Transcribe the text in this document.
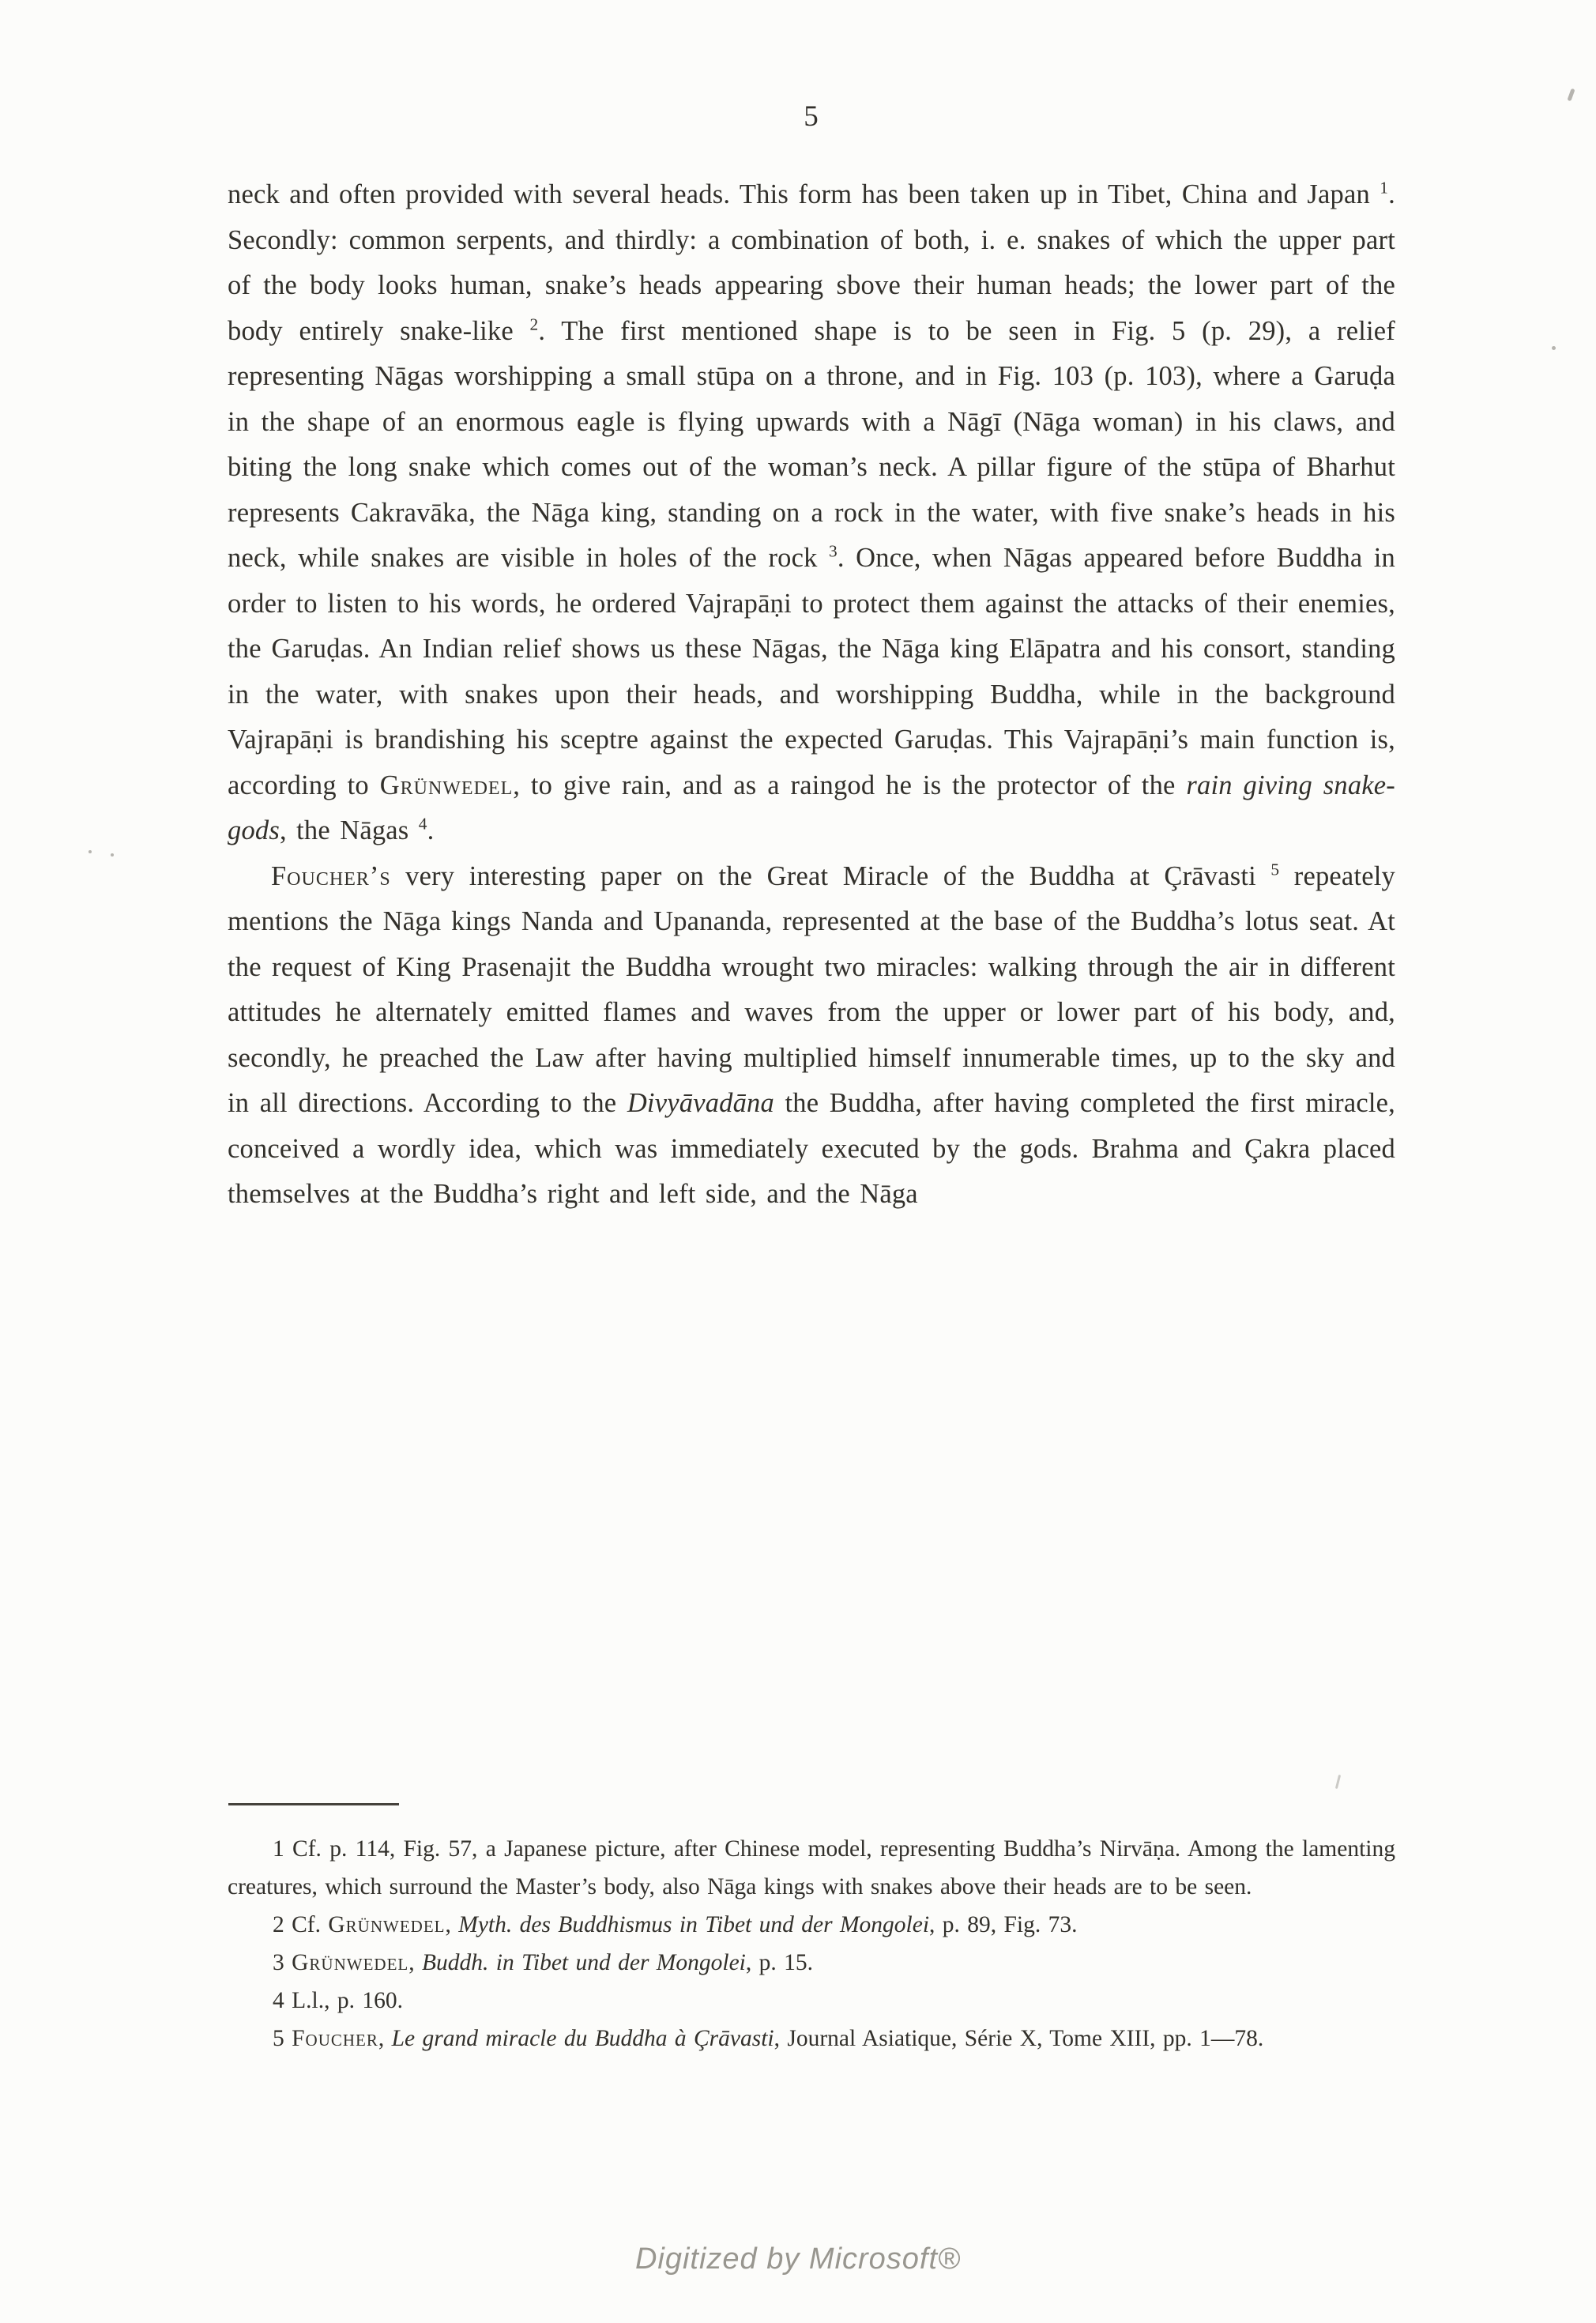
5

neck and often provided with several heads. This form has been taken up in Tibet, China and Japan $^1$. Secondly: common serpents, and thirdly: a combination of both, i. e. snakes of which the upper part of the body looks human, snake’s heads appearing sbove their human heads; the lower part of the body entirely snake-like $^2$. The first mentioned shape is to be seen in Fig. 5 (p. 29), a relief representing Nāgas worshipping a small stūpa on a throne, and in Fig. 103 (p. 103), where a Garuḍa in the shape of an enormous eagle is flying upwards with a Nāgī (Nāga woman) in his claws, and biting the long snake which comes out of the woman’s neck. A pillar figure of the stūpa of Bharhut represents Cakravāka, the Nāga king, standing on a rock in the water, with five snake’s heads in his neck, while snakes are visible in holes of the rock $^3$. Once, when Nāgas appeared before Buddha in order to listen to his words, he ordered Vajrapāṇi to protect them against the attacks of their enemies, the Garuḍas. An Indian relief shows us these Nāgas, the Nāga king Elāpatra and his consort, standing in the water, with snakes upon their heads, and worshipping Buddha, while in the background Vajrapāṇi is brandishing his sceptre against the expected Garuḍas. This Vajrapāṇi’s main function is, according to Grünwedel, to give rain, and as a raingod he is the protector of the rain giving snake-gods, the Nāgas $^4$.

Foucher’s very interesting paper on the Great Miracle of the Buddha at Çrāvasti $^5$ repeately mentions the Nāga kings Nanda and Upananda, represented at the base of the Buddha’s lotus seat. At the request of King Prasenajit the Buddha wrought two miracles: walking through the air in different attitudes he alternately emitted flames and waves from the upper or lower part of his body, and, secondly, he preached the Law after having multiplied himself innumerable times, up to the sky and in all directions. According to the Divyāvadāna the Buddha, after having completed the first miracle, conceived a wordly idea, which was immediately executed by the gods. Brahma and Çakra placed themselves at the Buddha’s right and left side, and the Nāga

1 Cf. p. 114, Fig. 57, a Japanese picture, after Chinese model, representing Buddha’s Nirvāṇa. Among the lamenting creatures, which surround the Master’s body, also Nāga kings with snakes above their heads are to be seen.

2 Cf. Grünwedel, Myth. des Buddhismus in Tibet und der Mongolei, p. 89, Fig. 73.

3 Grünwedel, Buddh. in Tibet und der Mongolei, p. 15.

4 L.l., p. 160.

5 Foucher, Le grand miracle du Buddha à Çrāvasti, Journal Asiatique, Série X, Tome XIII, pp. 1—78.

Digitized by Microsoft®
